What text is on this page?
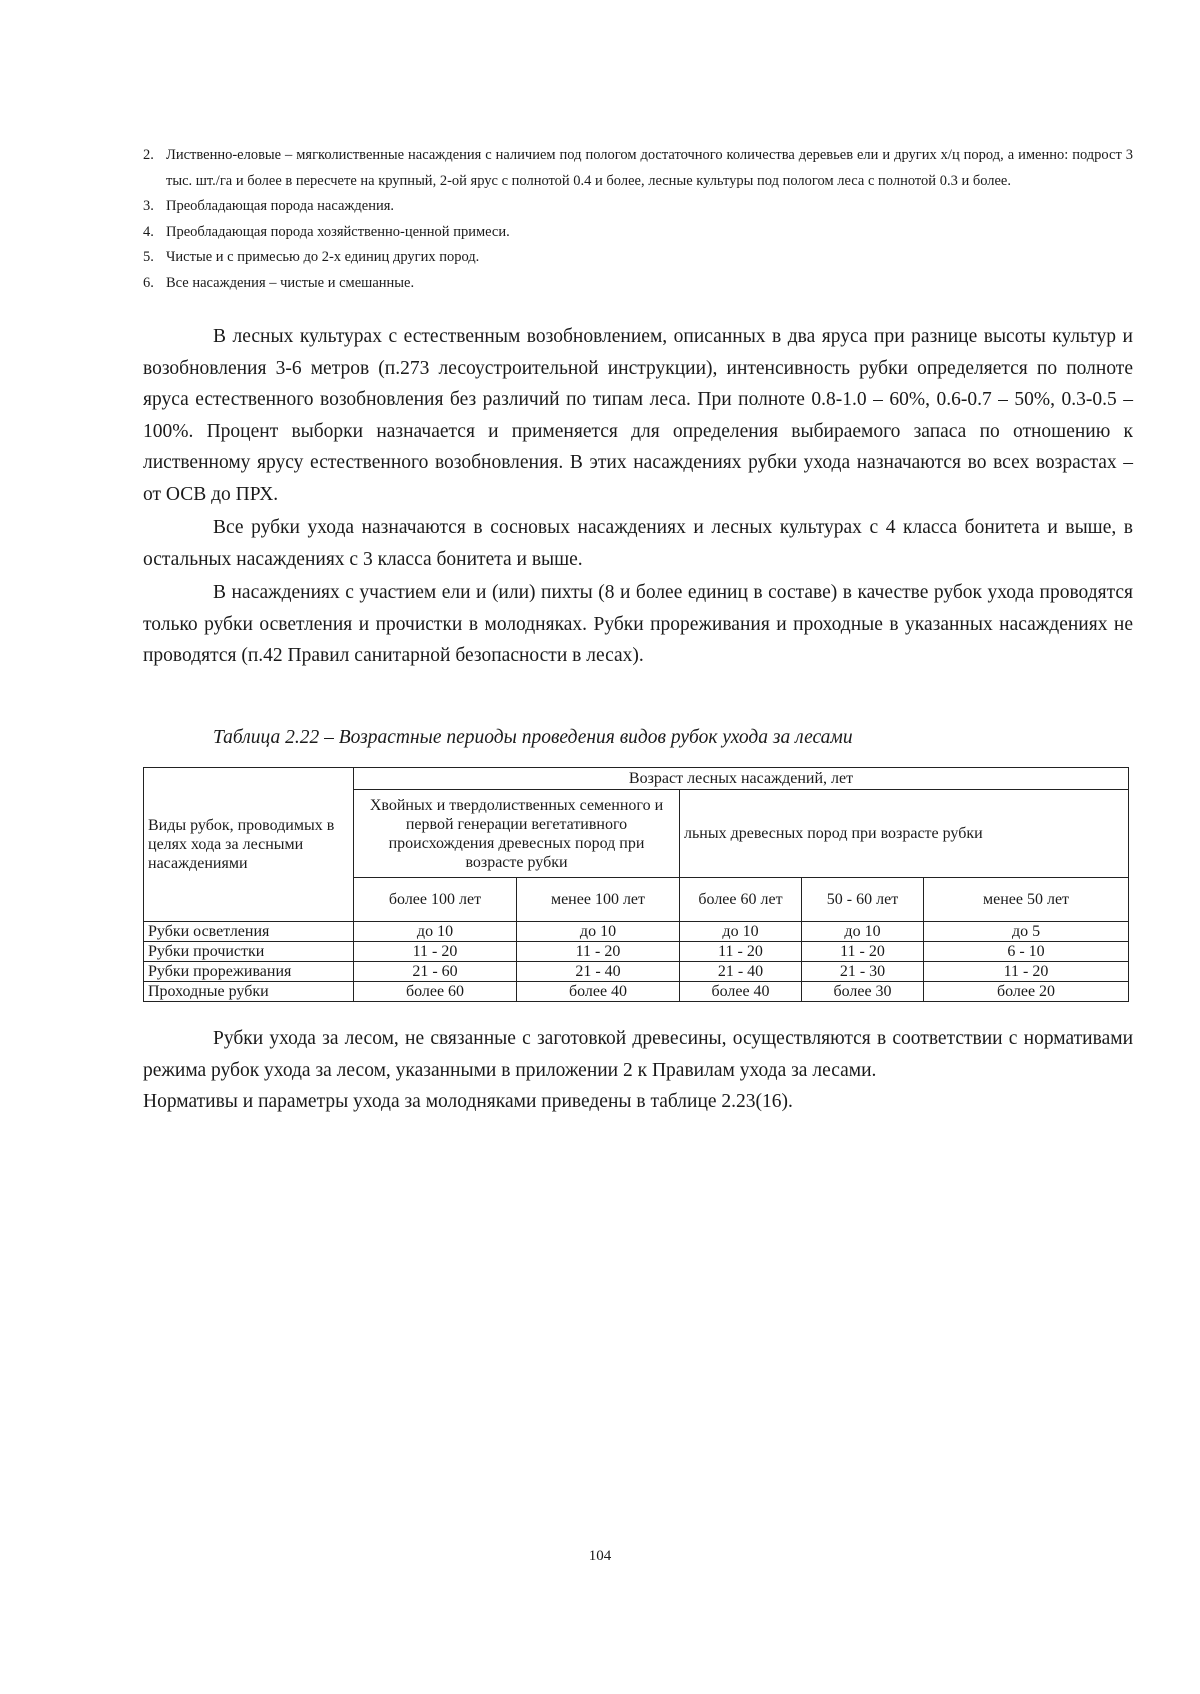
2. Лиственно-еловые – мягколиственные насаждения с наличием под пологом достаточного количества деревьев ели и других х/ц пород, а именно: подрост 3 тыс. шт./га и более в пересчете на крупный, 2-ой ярус с полнотой 0.4 и более, лесные культуры под пологом леса с полнотой 0.3 и более.

3. Преобладающая порода насаждения.

4. Преобладающая порода хозяйственно-ценной примеси.

5. Чистые и с примесью до 2-х единиц других пород.

6. Все насаждения – чистые и смешанные.

В лесных культурах с естественным возобновлением, описанных в два яруса при разнице высоты культур и возобновления 3-6 метров (п.273 лесоустроительной инструкции), интенсивность рубки определяется по полноте яруса естественного возобновления без различий по типам леса. При полноте 0.8-1.0 – 60%, 0.6-0.7 – 50%, 0.3-0.5 – 100%. Процент выборки назначается и применяется для определения выбираемого запаса по отношению к лиственному ярусу естественного возобновления. В этих насаждениях рубки ухода назначаются во всех возрастах – от ОСВ до ПРХ.

Все рубки ухода назначаются в сосновых насаждениях и лесных культурах с 4 класса бонитета и выше, в остальных насаждениях с 3 класса бонитета и выше.

В насаждениях с участием ели и (или) пихты (8 и более единиц в составе) в качестве рубок ухода проводятся только рубки осветления и прочистки в молодняках. Рубки прореживания и проходные в указанных насаждениях не проводятся (п.42 Правил санитарной безопасности в лесах).

Таблица 2.22 – Возрастные периоды проведения видов рубок ухода за лесами
Виды рубок, проводимых в целях хода за лесными насаждениями	Возраст лесных насаждений, лет				
	Хвойных и твердолиственных семенного и первой генерации вегетативного происхождения древесных пород при возрасте рубки		льных древесных пород при возрасте рубки		
	более 100 лет	менее 100 лет	более 60 лет	50 - 60 лет	менее 50 лет

Рубки осветления	до 10	до 10	до 10	до 10	до 5
Рубки прочистки	11 - 20	11 - 20	11 - 20	11 - 20	6 - 10
Рубки прореживания	21 - 60	21 - 40	21 - 40	21 - 30	11 - 20
Проходные рубки	более 60	более 40	более 40	более 30	более 20

Рубки ухода за лесом, не связанные с заготовкой древесины, осуществляются в соответствии с нормативами режима рубок ухода за лесом, указанными в приложении 2 к Правилам ухода за лесами.

Нормативы и параметры ухода за молодняками приведены в таблице 2.23(16).

104
